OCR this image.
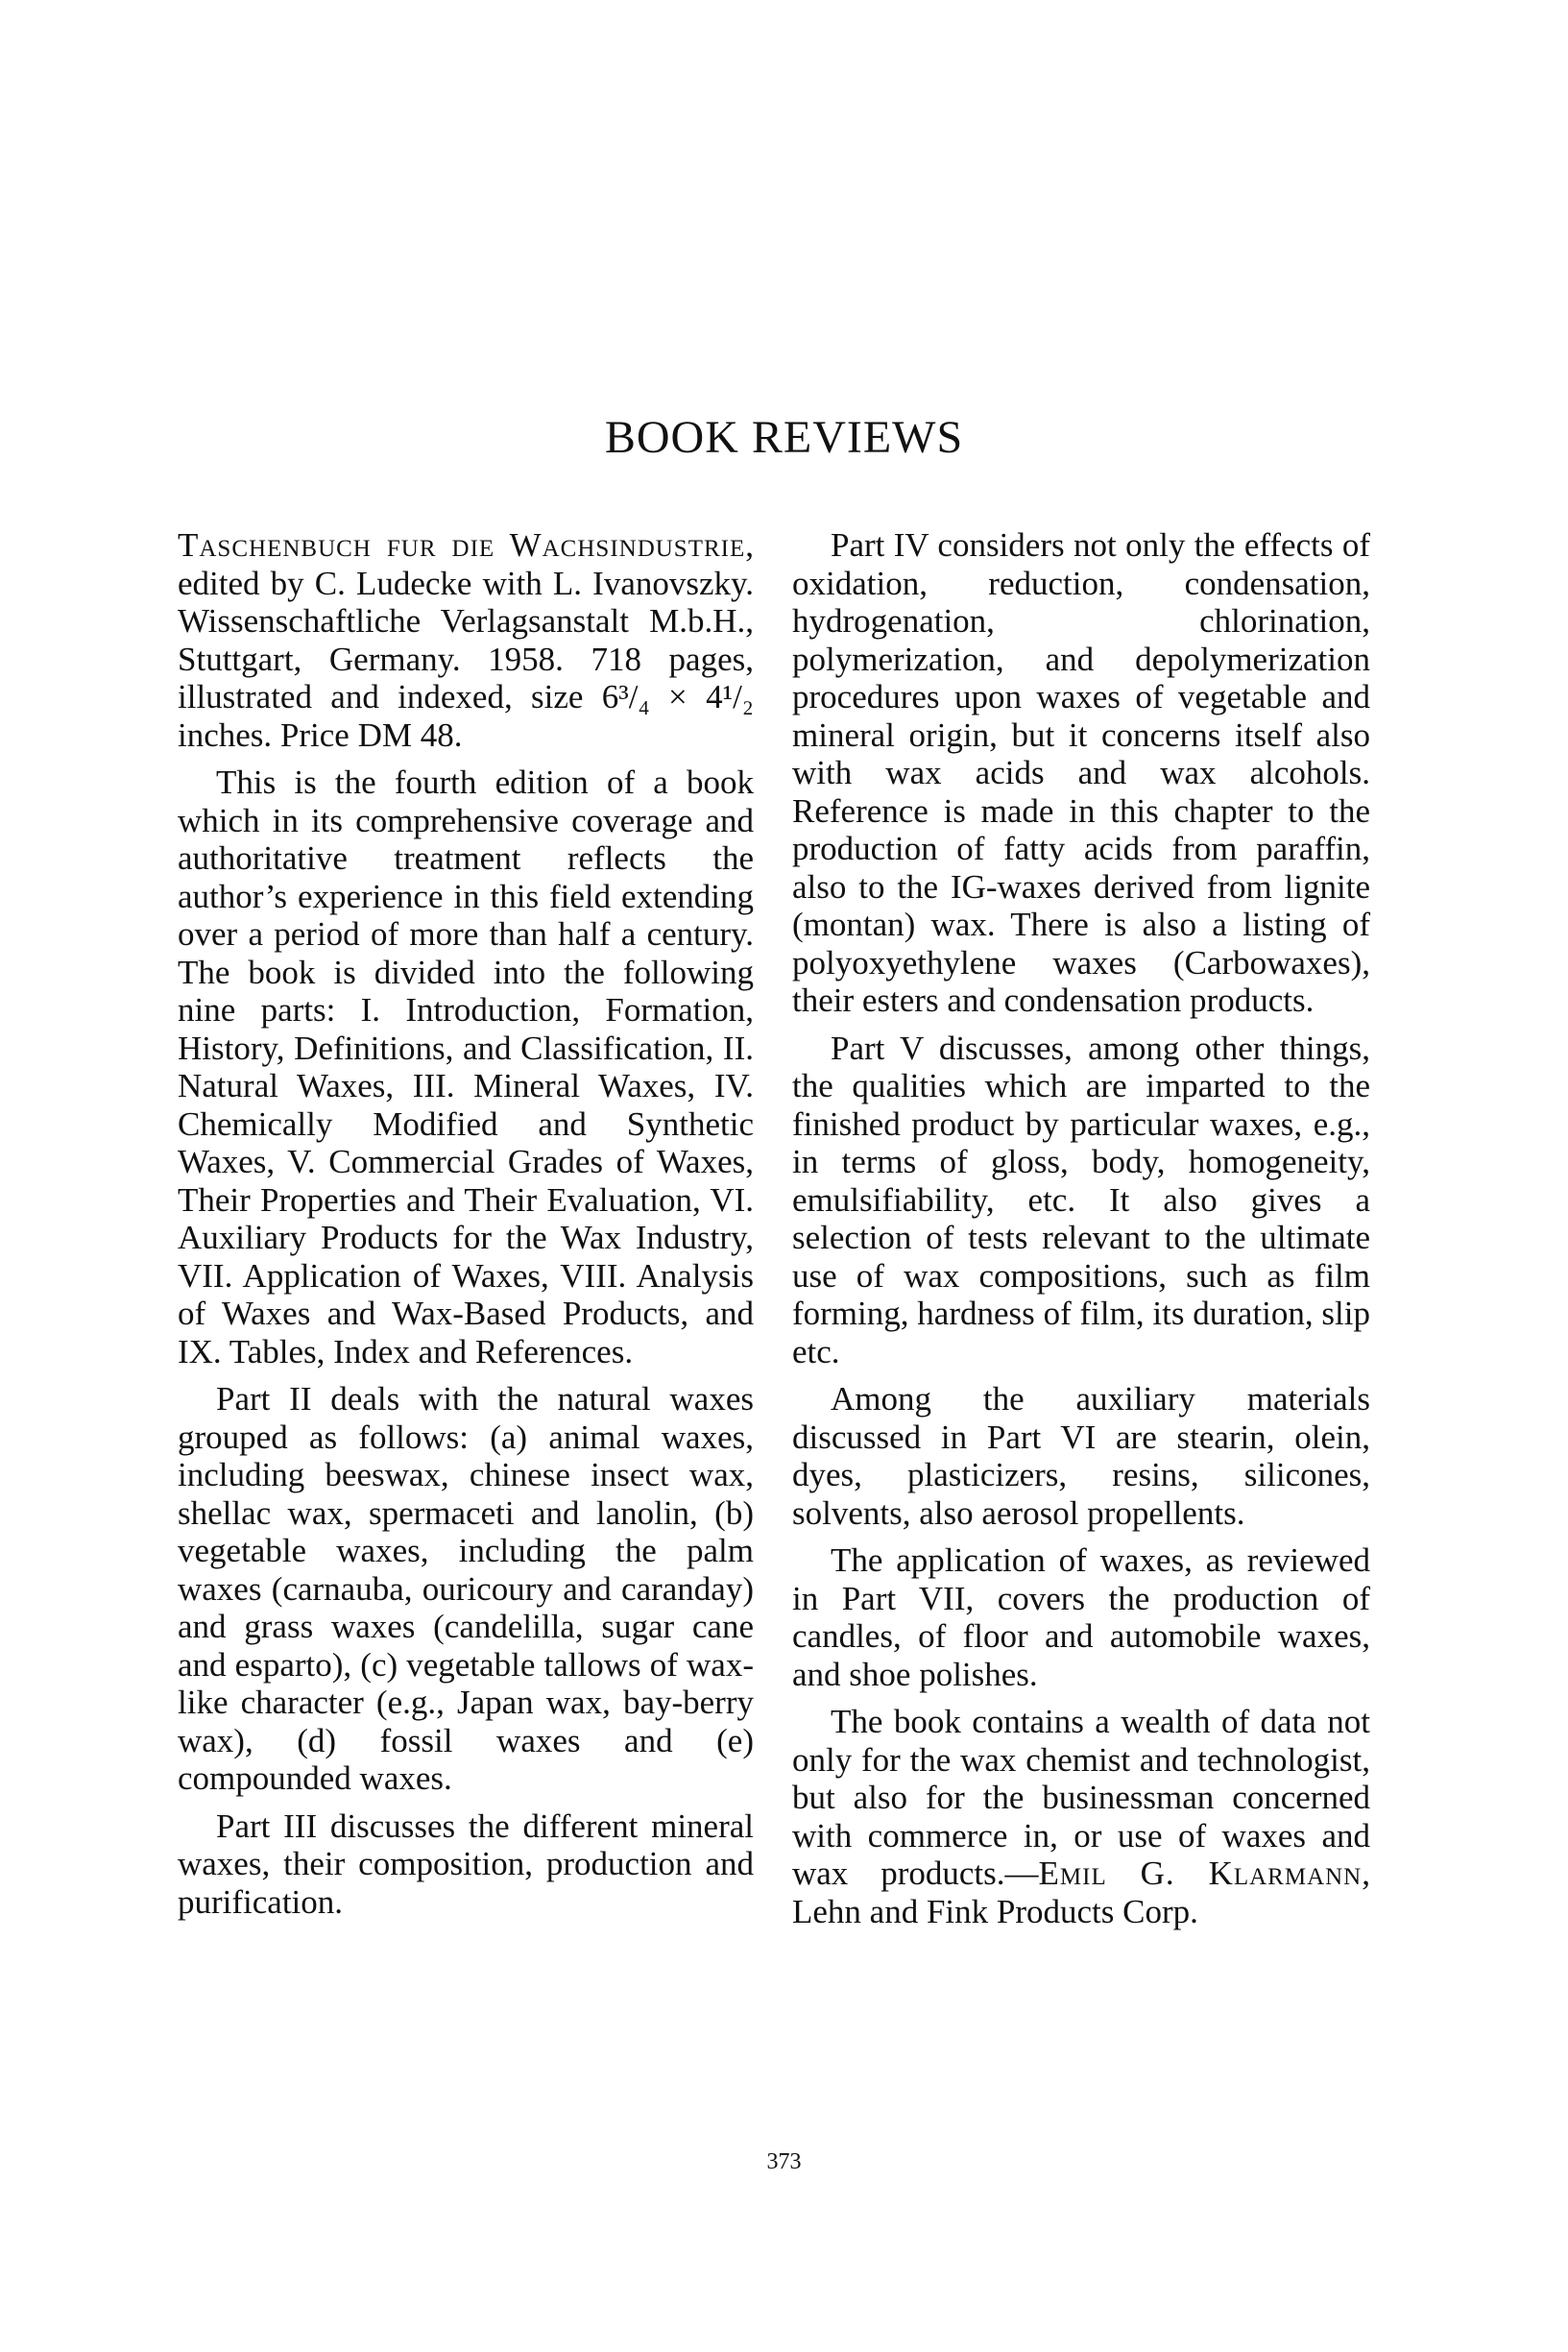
BOOK REVIEWS

Taschenbuch fur die Wachsindustrie, edited by C. Ludecke with L. Ivanovszky. Wissenschaftliche Verlagsanstalt M.b.H., Stuttgart, Germany. 1958. 718 pages, illustrated and indexed, size 6³/₄ × 4¹/₂ inches. Price DM 48.

This is the fourth edition of a book which in its comprehensive coverage and authoritative treatment reflects the author’s experience in this field extending over a period of more than half a century. The book is divided into the following nine parts: I. Introduction, Formation, History, Definitions, and Classification, II. Natural Waxes, III. Mineral Waxes, IV. Chemically Modified and Synthetic Waxes, V. Commercial Grades of Waxes, Their Properties and Their Evaluation, VI. Auxiliary Products for the Wax Industry, VII. Application of Waxes, VIII. Analysis of Waxes and Wax-Based Products, and IX. Tables, Index and References.

Part II deals with the natural waxes grouped as follows: (a) animal waxes, including beeswax, chinese insect wax, shellac wax, spermaceti and lanolin, (b) vegetable waxes, including the palm waxes (carnauba, ouricoury and caranday) and grass waxes (candelilla, sugar cane and esparto), (c) vegetable tallows of wax-like character (e.g., Japan wax, bay-berry wax), (d) fossil waxes and (e) compounded waxes.

Part III discusses the different mineral waxes, their composition, production and purification.

Part IV considers not only the effects of oxidation, reduction, condensation, hydrogenation, chlorination, polymerization, and depolymerization procedures upon waxes of vegetable and mineral origin, but it concerns itself also with wax acids and wax alcohols. Reference is made in this chapter to the production of fatty acids from paraffin, also to the IG-waxes derived from lignite (montan) wax. There is also a listing of polyoxyethylene waxes (Carbowaxes), their esters and condensation products.

Part V discusses, among other things, the qualities which are imparted to the finished product by particular waxes, e.g., in terms of gloss, body, homogeneity, emulsifiability, etc. It also gives a selection of tests relevant to the ultimate use of wax compositions, such as film forming, hardness of film, its duration, slip etc.

Among the auxiliary materials discussed in Part VI are stearin, olein, dyes, plasticizers, resins, silicones, solvents, also aerosol propellents.

The application of waxes, as reviewed in Part VII, covers the production of candles, of floor and automobile waxes, and shoe polishes.

The book contains a wealth of data not only for the wax chemist and technologist, but also for the businessman concerned with commerce in, or use of waxes and wax products.—Emil G. Klarmann, Lehn and Fink Products Corp.

373
